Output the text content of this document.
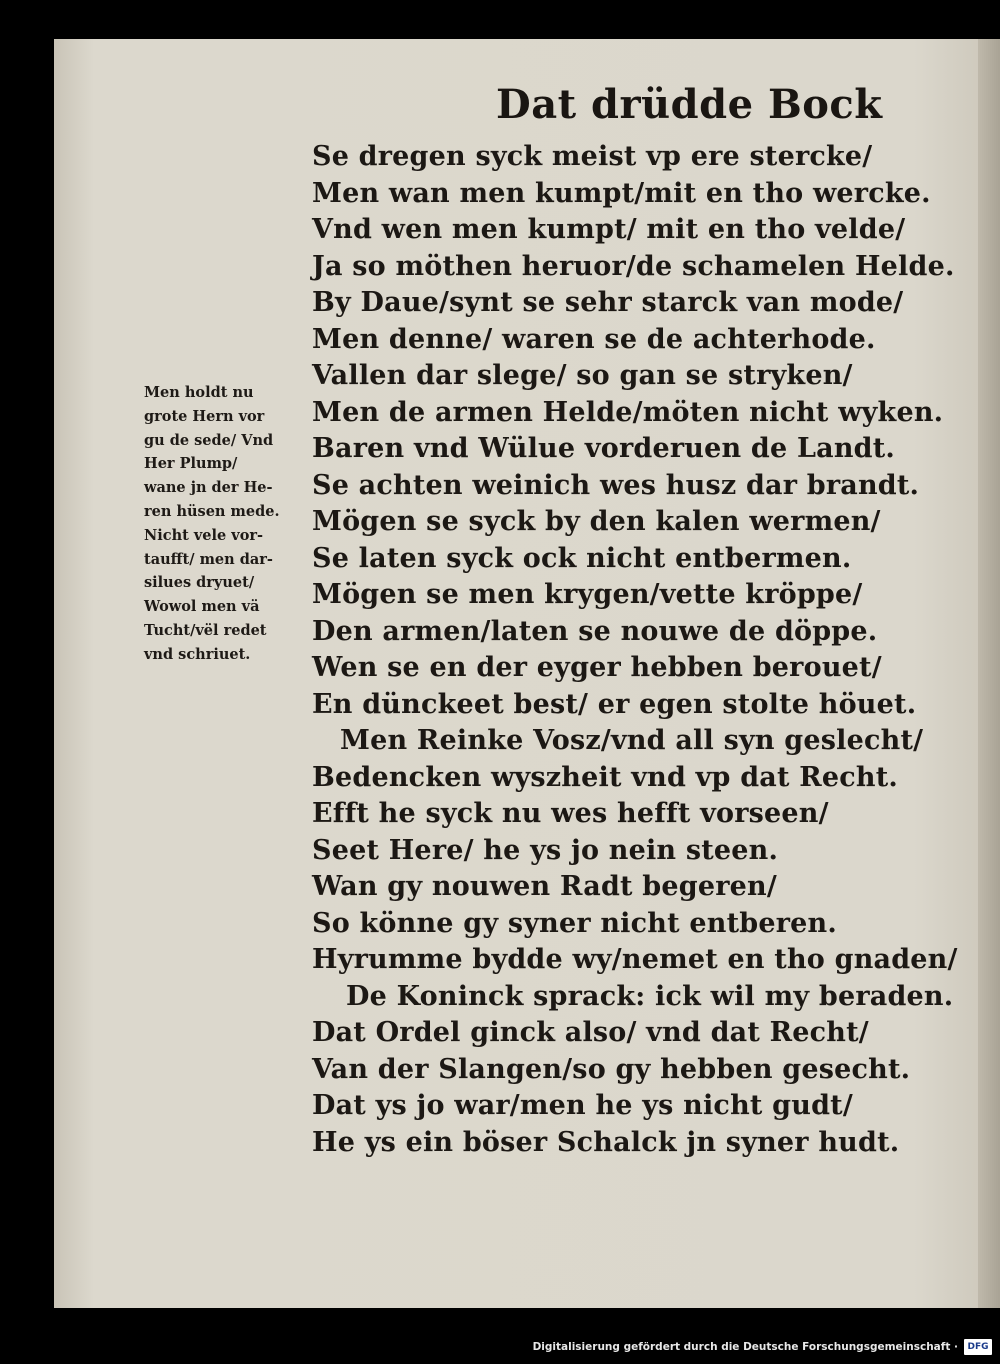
Dat drüdde Bock
Se dregen syck meist vp ere stercke/
Men wan men kumpt/mit en tho wercke.
Vnd wen men kumpt/ mit en tho velde/
Ja so möthen heruor/de schamelen Helde.
By Daue/synt se sehr starck van mode/
Men denne/ waren se de achterhode.
Vallen dar slege/ so gan se stryken/
Men de armen Helde/möten nicht wyken.
Baren vnd Wülue vorderuen de Landt.
Se achten weinich wes husz dar brandt.
Mögen se syck by den kalen wermen/
Se laten syck ock nicht entbermen.
Mögen se men krygen/vette kröppe/
Den armen/laten se nouwe de döppe.
Wen se en der eyger hebben berouet/
En dünckeet best/ er egen stolte höuet.
Men Reinke Vosz/vnd all syn geslecht/
Bedencken wyszheit vnd vp dat Recht.
Efft he syck nu wes hefft vorseen/
Seet Here/ he ys jo nein steen.
Wan gy nouwen Radt begeren/
So könne gy syner nicht entberen.
Hyrumme bydde wy/nemet en tho gnaden/
De Koninck sprack: ick wil my beraden.
Dat Ordel ginck also/ vnd dat Recht/
Van der Slangen/so gy hebben gesecht.
Dat ys jo war/men he ys nicht gudt/
He ys ein böser Schalck jn syner hudt.
Men holdt nu
grote Hern vor
gu de sede/ Vnd
Her Plump/
wane jn der He-
ren hüsen mede.
Nicht vele vor-
taufft/ men dar-
silues dryuet/
Wowol men vä
Tucht/vël redet
vnd schriuet.
Digitalisierung gefördert durch die Deutsche Forschungsgemeinschaft ·	DFG
